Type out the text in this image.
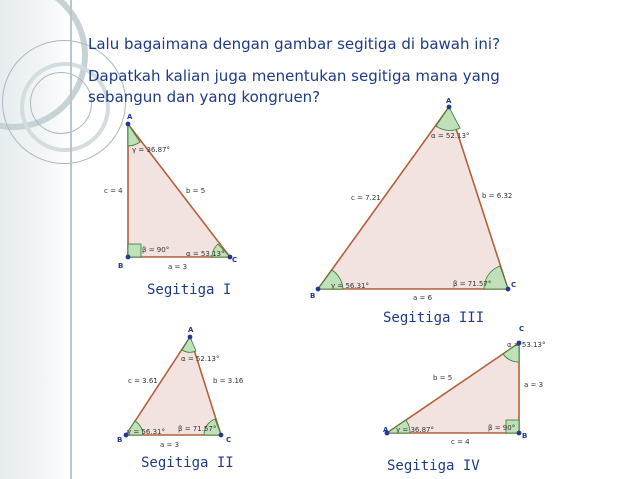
Lalu bagaimana dengan gambar segitiga di bawah ini?
Dapatkah kalian juga menentukan segitiga mana yang
sebangun dan yang kongruen?
A
B
C
γ = 36.87°
c = 4	b = 5
β = 90° α = 53.13°
a = 3
A
B
C
α = 52.13°
c = 7.21	b = 6.32
γ = 56.31°	β = 71.57°
a = 6
A
B	C
α = 52.13°
c = 3.61	b = 3.16
γ = 56.31° β = 71.57°
a = 3
A
B
C
α = 53.13°
b = 5
a = 3
γ = 36.87°	β = 90°
c = 4
Segitiga I
Segitiga II
Segitiga III
Segitiga IV
